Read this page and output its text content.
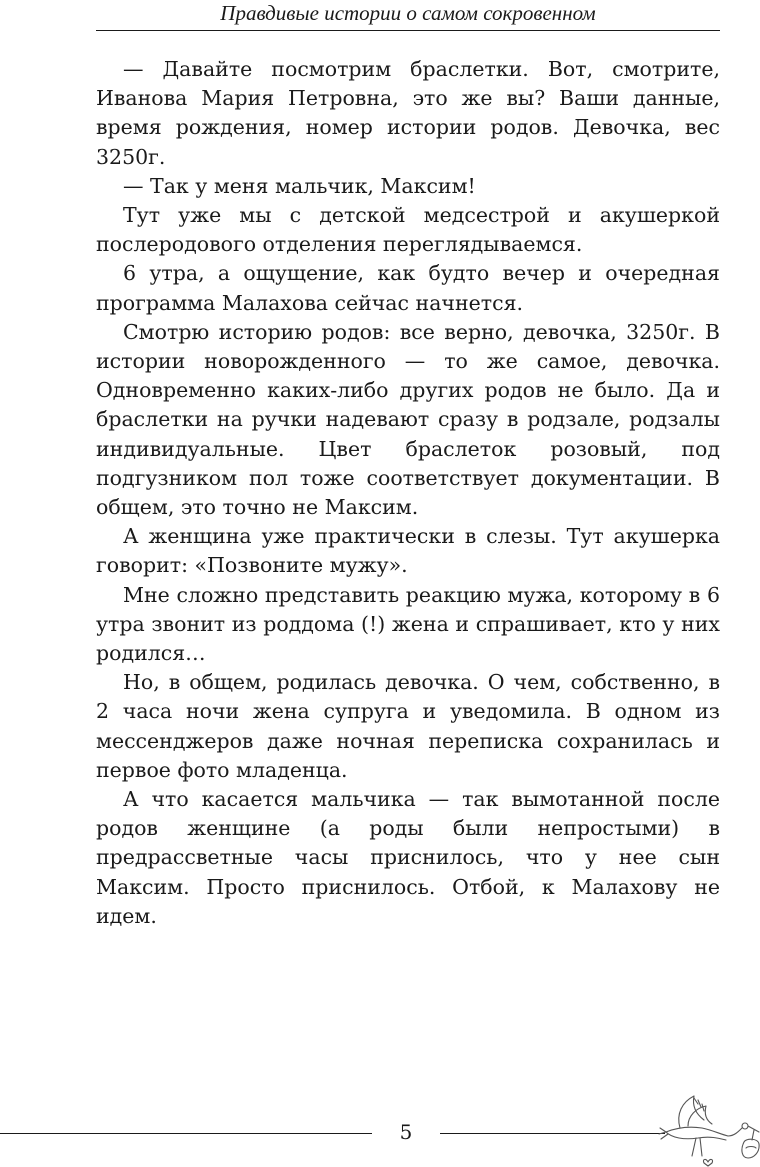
Правдивые истории о самом сокровенном

— Давайте посмотрим браслетки. Вот, смотрите, Иванова Мария Петровна, это же вы? Ваши данные, время рождения, номер истории родов. Девочка, вес 3250г.

— Так у меня мальчик, Максим!

Тут уже мы с детской медсестрой и акушеркой послеродового отделения переглядываемся.

6 утра, а ощущение, как будто вечер и очередная программа Малахова сейчас начнется.

Смотрю историю родов: все верно, девочка, 3250г. В истории новорожденного — то же самое, девочка. Одновременно каких-либо других родов не было. Да и браслетки на ручки надевают сразу в родзале, родзалы индивидуальные. Цвет браслеток розовый, под подгузником пол тоже соответствует документации. В общем, это точно не Максим.

А женщина уже практически в слезы. Тут акушерка говорит: «Позвоните мужу».

Мне сложно представить реакцию мужа, которому в 6 утра звонит из роддома (!) жена и спрашивает, кто у них родился…

Но, в общем, родилась девочка. О чем, собственно, в 2 часа ночи жена супруга и уведомила. В одном из мессенджеров даже ночная переписка сохранилась и первое фото младенца.

А что касается мальчика — так вымотанной после родов женщине (а роды были непростыми) в предрассветные часы приснилось, что у нее сын Максим. Просто приснилось. Отбой, к Малахову не идем.

5
